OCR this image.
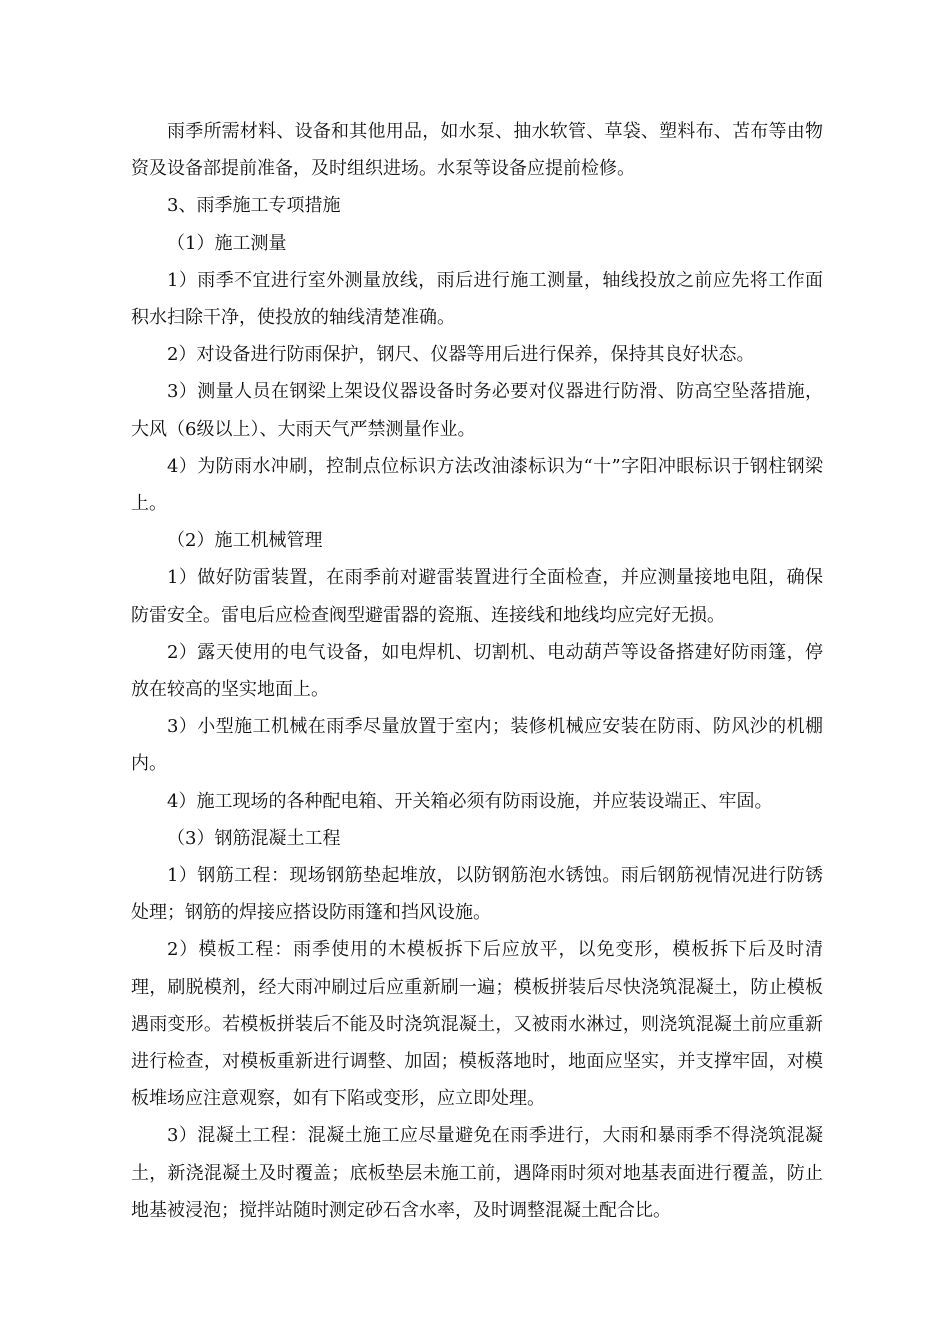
雨季所需材料、设备和其他用品，如水泵、抽水软管、草袋、塑料布、苫布等由物资及设备部提前准备，及时组织进场。水泵等设备应提前检修。

3、雨季施工专项措施

（1）施工测量

1）雨季不宜进行室外测量放线，雨后进行施工测量，轴线投放之前应先将工作面积水扫除干净，使投放的轴线清楚准确。

2）对设备进行防雨保护，钢尺、仪器等用后进行保养，保持其良好状态。

3）测量人员在钢梁上架设仪器设备时务必要对仪器进行防滑、防高空坠落措施，大风（6级以上）、大雨天气严禁测量作业。

4）为防雨水冲刷，控制点位标识方法改油漆标识为“十”字阳冲眼标识于钢柱钢梁上。

（2）施工机械管理

1）做好防雷装置，在雨季前对避雷装置进行全面检查，并应测量接地电阻，确保防雷安全。雷电后应检查阀型避雷器的瓷瓶、连接线和地线均应完好无损。

2）露天使用的电气设备，如电焊机、切割机、电动葫芦等设备搭建好防雨篷，停放在较高的坚实地面上。

3）小型施工机械在雨季尽量放置于室内；装修机械应安装在防雨、防风沙的机棚内。

4）施工现场的各种配电箱、开关箱必须有防雨设施，并应装设端正、牢固。

（3）钢筋混凝土工程

1）钢筋工程：现场钢筋垫起堆放，以防钢筋泡水锈蚀。雨后钢筋视情况进行防锈处理；钢筋的焊接应搭设防雨篷和挡风设施。

2）模板工程：雨季使用的木模板拆下后应放平，以免变形，模板拆下后及时清理，刷脱模剂，经大雨冲刷过后应重新刷一遍；模板拼装后尽快浇筑混凝土，防止模板遇雨变形。若模板拼装后不能及时浇筑混凝土，又被雨水淋过，则浇筑混凝土前应重新进行检查，对模板重新进行调整、加固；模板落地时，地面应坚实，并支撑牢固，对模板堆场应注意观察，如有下陷或变形，应立即处理。

3）混凝土工程：混凝土施工应尽量避免在雨季进行，大雨和暴雨季不得浇筑混凝土，新浇混凝土及时覆盖；底板垫层未施工前，遇降雨时须对地基表面进行覆盖，防止地基被浸泡；搅拌站随时测定砂石含水率，及时调整混凝土配合比。
